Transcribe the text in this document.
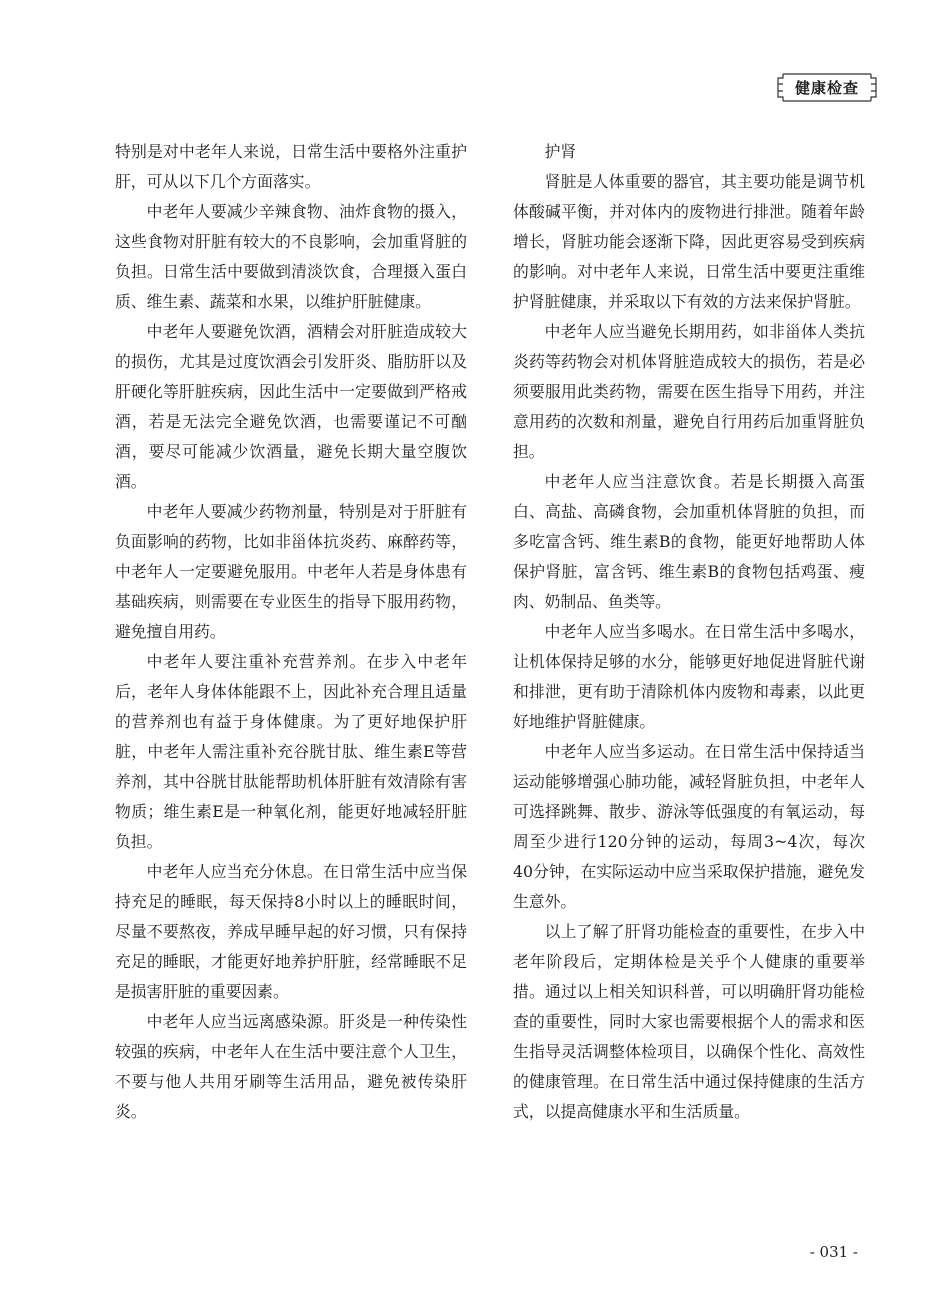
健康检查

特别是对中老年人来说，日常生活中要格外注重护肝，可从以下几个方面落实。

中老年人要减少辛辣食物、油炸食物的摄入，这些食物对肝脏有较大的不良影响，会加重肾脏的负担。日常生活中要做到清淡饮食，合理摄入蛋白质、维生素、蔬菜和水果，以维护肝脏健康。

中老年人要避免饮酒，酒精会对肝脏造成较大的损伤，尤其是过度饮酒会引发肝炎、脂肪肝以及肝硬化等肝脏疾病，因此生活中一定要做到严格戒酒，若是无法完全避免饮酒，也需要谨记不可酗酒，要尽可能减少饮酒量，避免长期大量空腹饮酒。

中老年人要减少药物剂量，特别是对于肝脏有负面影响的药物，比如非甾体抗炎药、麻醉药等，中老年人一定要避免服用。中老年人若是身体患有基础疾病，则需要在专业医生的指导下服用药物，避免擅自用药。

中老年人要注重补充营养剂。在步入中老年后，老年人身体体能跟不上，因此补充合理且适量的营养剂也有益于身体健康。为了更好地保护肝脏，中老年人需注重补充谷胱甘肽、维生素E等营养剂，其中谷胱甘肽能帮助机体肝脏有效清除有害物质；维生素E是一种氧化剂，能更好地减轻肝脏负担。

中老年人应当充分休息。在日常生活中应当保持充足的睡眠，每天保持8小时以上的睡眠时间，尽量不要熬夜，养成早睡早起的好习惯，只有保持充足的睡眠，才能更好地养护肝脏，经常睡眠不足是损害肝脏的重要因素。

中老年人应当远离感染源。肝炎是一种传染性较强的疾病，中老年人在生活中要注意个人卫生，不要与他人共用牙刷等生活用品，避免被传染肝炎。

护肾

肾脏是人体重要的器官，其主要功能是调节机体酸碱平衡，并对体内的废物进行排泄。随着年龄增长，肾脏功能会逐渐下降，因此更容易受到疾病的影响。对中老年人来说，日常生活中要更注重维护肾脏健康，并采取以下有效的方法来保护肾脏。

中老年人应当避免长期用药，如非甾体人类抗炎药等药物会对机体肾脏造成较大的损伤，若是必须要服用此类药物，需要在医生指导下用药，并注意用药的次数和剂量，避免自行用药后加重肾脏负担。

中老年人应当注意饮食。若是长期摄入高蛋白、高盐、高磷食物，会加重机体肾脏的负担，而多吃富含钙、维生素B的食物，能更好地帮助人体保护肾脏，富含钙、维生素B的食物包括鸡蛋、瘦肉、奶制品、鱼类等。

中老年人应当多喝水。在日常生活中多喝水，让机体保持足够的水分，能够更好地促进肾脏代谢和排泄，更有助于清除机体内废物和毒素，以此更好地维护肾脏健康。

中老年人应当多运动。在日常生活中保持适当运动能够增强心肺功能，减轻肾脏负担，中老年人可选择跳舞、散步、游泳等低强度的有氧运动，每周至少进行120分钟的运动，每周3~4次，每次40分钟，在实际运动中应当采取保护措施，避免发生意外。

以上了解了肝肾功能检查的重要性，在步入中老年阶段后，定期体检是关乎个人健康的重要举措。通过以上相关知识科普，可以明确肝肾功能检查的重要性，同时大家也需要根据个人的需求和医生指导灵活调整体检项目，以确保个性化、高效性的健康管理。在日常生活中通过保持健康的生活方式，以提高健康水平和生活质量。

- 031 -
